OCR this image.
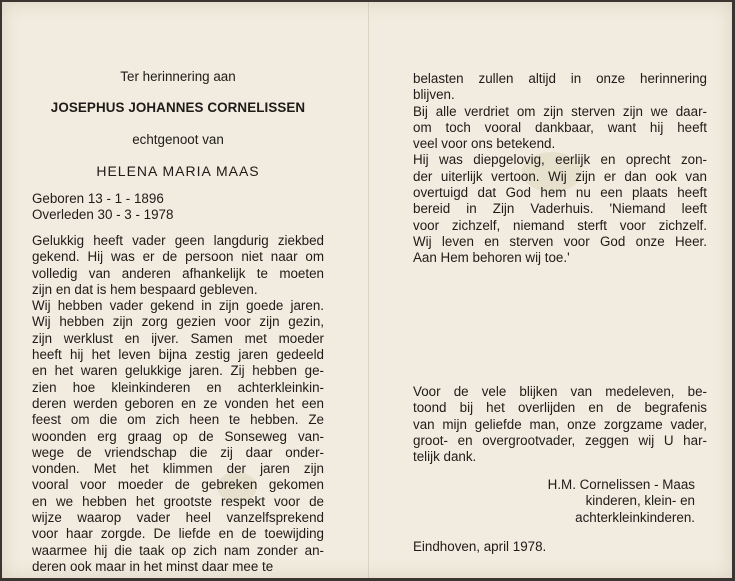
Ter herinnering aan
JOSEPHUS JOHANNES CORNELISSEN
echtgenoot van
HELENA MARIA MAAS
Geboren 13 - 1 - 1896
Overleden 30 - 3 - 1978
Gelukkig heeft vader geen langdurig ziekbed
gekend. Hij was er de persoon niet naar om
volledig van anderen afhankelijk te moeten
zijn en dat is hem bespaard gebleven.
Wij hebben vader gekend in zijn goede jaren.
Wij hebben zijn zorg gezien voor zijn gezin,
zijn werklust en ijver. Samen met moeder
heeft hij het leven bijna zestig jaren gedeeld
en het waren gelukkige jaren. Zij hebben ge-
zien hoe kleinkinderen en achterkleinkin-
deren werden geboren en ze vonden het een
feest om die om zich heen te hebben. Ze
woonden erg graag op de Sonseweg van-
wege de vriendschap die zij daar onder-
vonden. Met het klimmen der jaren zijn
vooral voor moeder de gebreken gekomen
en we hebben het grootste respekt voor de
wijze waarop vader heel vanzelfsprekend
voor haar zorgde. De liefde en de toewijding
waarmee hij die taak op zich nam zonder an-
deren ook maar in het minst daar mee te
belasten zullen altijd in onze herinnering
blijven.
Bij alle verdriet om zijn sterven zijn we daar-
om toch vooral dankbaar, want hij heeft
veel voor ons betekend.
Hij was diepgelovig, eerlijk en oprecht zon-
der uiterlijk vertoon. Wij zijn er dan ook van
overtuigd dat God hem nu een plaats heeft
bereid in Zijn Vaderhuis. 'Niemand leeft
voor zichzelf, niemand sterft voor zichzelf.
Wij leven en sterven voor God onze Heer.
Aan Hem behoren wij toe.'
Voor de vele blijken van medeleven, be-
toond bij het overlijden en de begrafenis
van mijn geliefde man, onze zorgzame vader,
groot- en overgrootvader, zeggen wij U har-
telijk dank.
H.M. Cornelissen - Maas
kinderen, klein- en
achterkleinkinderen.
Eindhoven, april 1978.
